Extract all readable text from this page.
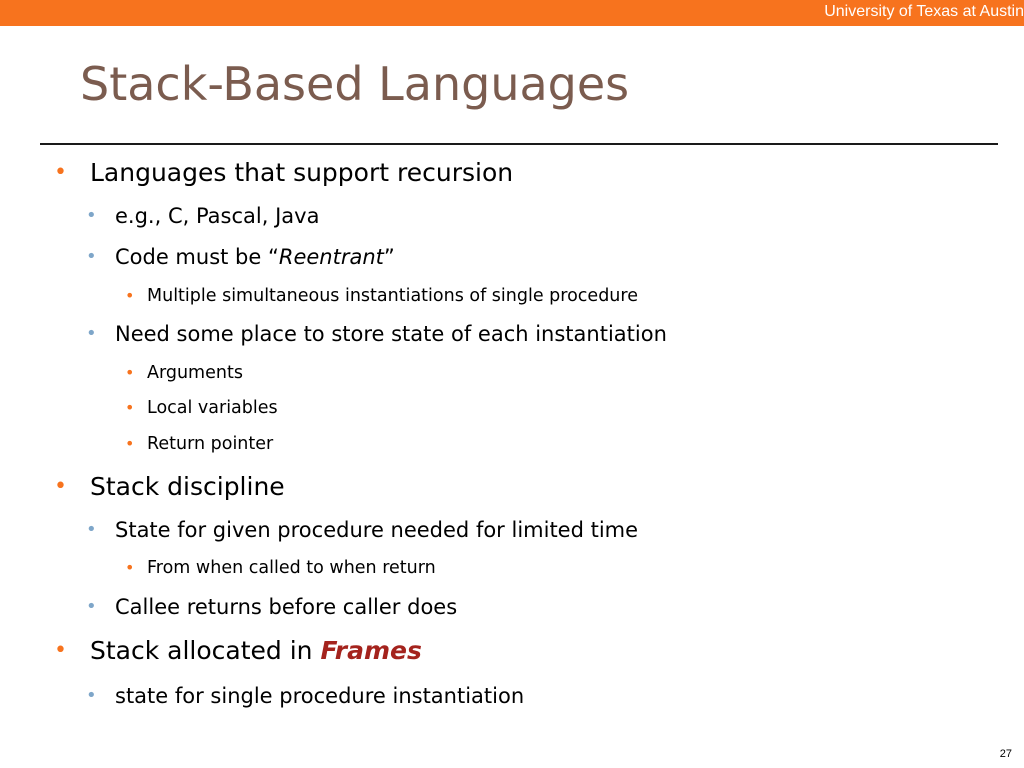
University of Texas at Austin
Stack-Based Languages
• Languages that support recursion
• e.g., C, Pascal, Java
• Code must be “Reentrant”
• Multiple simultaneous instantiations of single procedure
• Need some place to store state of each instantiation
• Arguments
• Local variables
• Return pointer
• Stack discipline
• State for given procedure needed for limited time
• From when called to when return
• Callee returns before caller does
• Stack allocated in Frames
• state for single procedure instantiation
27
